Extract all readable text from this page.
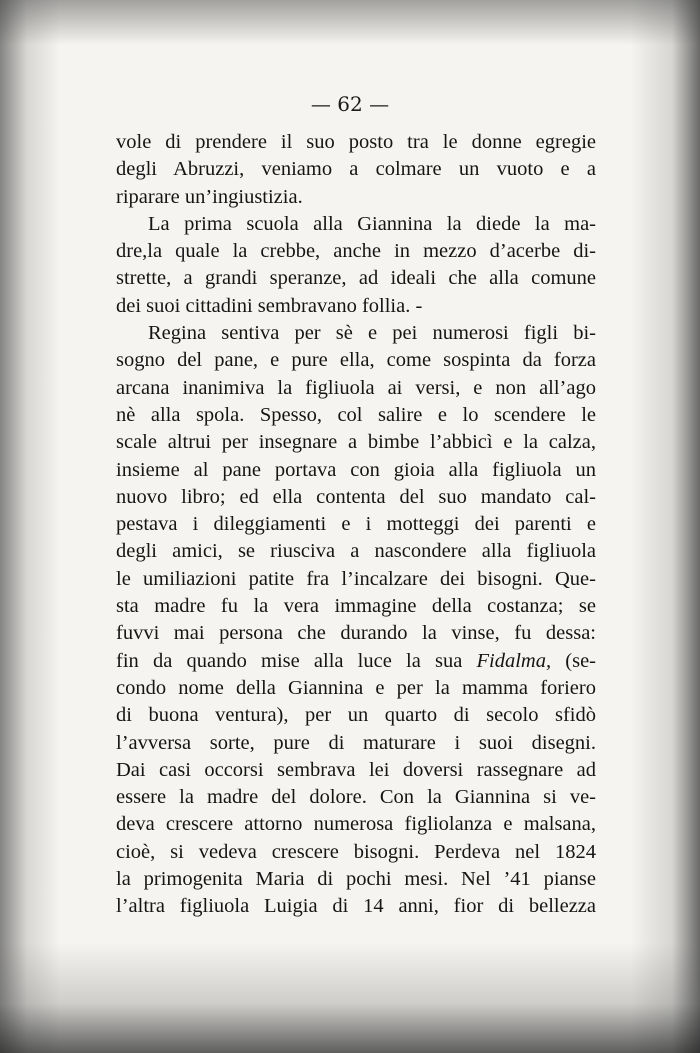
— 62 —
vole di prendere il suo posto tra le donne egregie
degli Abruzzi, veniamo a colmare un vuoto e a
riparare un’ingiustizia.
La prima scuola alla Giannina la diede la ma-
dre,la quale la crebbe, anche in mezzo d’acerbe di-
strette, a grandi speranze, ad ideali che alla comune
dei suoi cittadini sembravano follia. -
Regina sentiva per sè e pei numerosi figli bi-
sogno del pane, e pure ella, come sospinta da forza
arcana inanimiva la figliuola ai versi, e non all’ago
nè alla spola. Spesso, col salire e lo scendere le
scale altrui per insegnare a bimbe l’abbicì e la calza,
insieme al pane portava con gioia alla figliuola un
nuovo libro; ed ella contenta del suo mandato cal-
pestava i dileggiamenti e i motteggi dei parenti e
degli amici, se riusciva a nascondere alla figliuola
le umiliazioni patite fra l’incalzare dei bisogni. Que-
sta madre fu la vera immagine della costanza; se
fuvvi mai persona che durando la vinse, fu dessa:
fin da quando mise alla luce la sua Fidalma, (se-
condo nome della Giannina e per la mamma foriero
di buona ventura), per un quarto di secolo sfidò
l’avversa sorte, pure di maturare i suoi disegni.
Dai casi occorsi sembrava lei doversi rassegnare ad
essere la madre del dolore. Con la Giannina si ve-
deva crescere attorno numerosa figliolanza e malsana,
cioè, si vedeva crescere bisogni. Perdeva nel 1824
la primogenita Maria di pochi mesi. Nel ’41 pianse
l’altra figliuola Luigia di 14 anni, fior di bellezza
